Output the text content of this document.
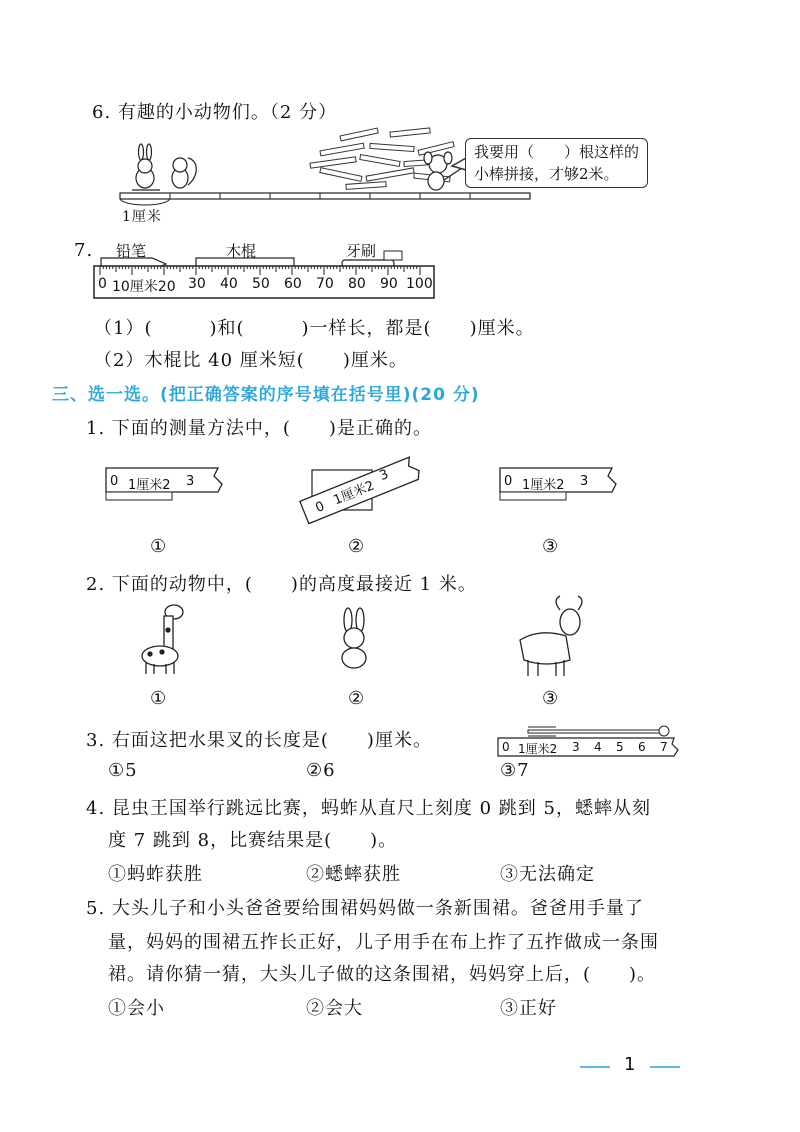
6. 有趣的小动物们。（2 分）
我要用（　　）根这样的
小棒拼接，才够2米。
1厘米
7. 铅笔	木棍	牙刷
0 10厘米20 30 40 50 60 70 80 90 100
（1）(　　　)和(　　　)一样长，都是(　　)厘米。
（2）木棍比 40 厘米短(　　)厘米。
三、选一选。(把正确答案的序号填在括号里)(20 分)
1. 下面的测量方法中，(　　)是正确的。
0 1厘米2 3
0 1厘米2
3	0 1厘米2 3
①	②	③
2. 下面的动物中，(　　)的高度最接近 1 米。
①	②	③
3. 右面这把水果叉的长度是(　　)厘米。	0 1厘米2 3 4 5 6 7
①5	②6	③7
4. 昆虫王国举行跳远比赛，蚂蚱从直尺上刻度 0 跳到 5，蟋蟀从刻
度 7 跳到 8，比赛结果是(　　)。
①蚂蚱获胜	②蟋蟀获胜	③无法确定
5. 大头儿子和小头爸爸要给围裙妈妈做一条新围裙。爸爸用手量了
量，妈妈的围裙五拃长正好，儿子用手在布上拃了五拃做成一条围
裙。请你猜一猜，大头儿子做的这条围裙，妈妈穿上后，(　　)。
①会小	②会大	③正好
1
